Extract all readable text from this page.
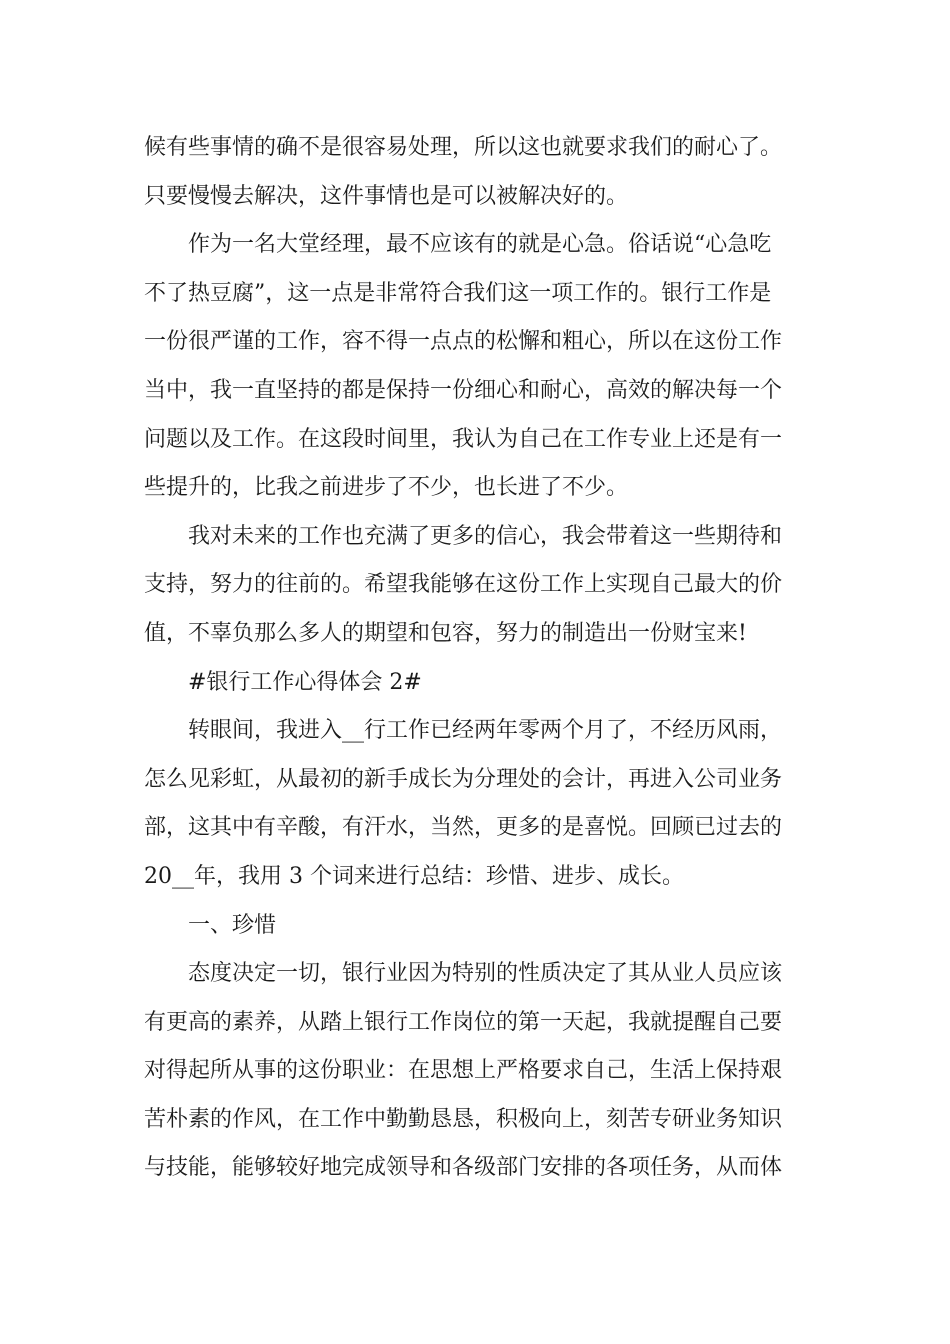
候有些事情的确不是很容易处理，所以这也就要求我们的耐心了。
只要慢慢去解决，这件事情也是可以被解决好的。
作为一名大堂经理，最不应该有的就是心急。俗话说“心急吃
不了热豆腐”，这一点是非常符合我们这一项工作的。银行工作是
一份很严谨的工作，容不得一点点的松懈和粗心，所以在这份工作
当中，我一直坚持的都是保持一份细心和耐心，高效的解决每一个
问题以及工作。在这段时间里，我认为自己在工作专业上还是有一
些提升的，比我之前进步了不少，也长进了不少。
我对未来的工作也充满了更多的信心，我会带着这一些期待和
支持，努力的往前的。希望我能够在这份工作上实现自己最大的价
值，不辜负那么多人的期望和包容，努力的制造出一份财宝来!
#银行工作心得体会 2#
转眼间，我进入__行工作已经两年零两个月了，不经历风雨，
怎么见彩虹，从最初的新手成长为分理处的会计，再进入公司业务
部，这其中有辛酸，有汗水，当然，更多的是喜悦。回顾已过去的
20__年，我用 3 个词来进行总结：珍惜、进步、成长。
一、珍惜
态度决定一切，银行业因为特别的性质决定了其从业人员应该
有更高的素养，从踏上银行工作岗位的第一天起，我就提醒自己要
对得起所从事的这份职业：在思想上严格要求自己，生活上保持艰
苦朴素的作风，在工作中勤勤恳恳，积极向上，刻苦专研业务知识
与技能，能够较好地完成领导和各级部门安排的各项任务，从而体
